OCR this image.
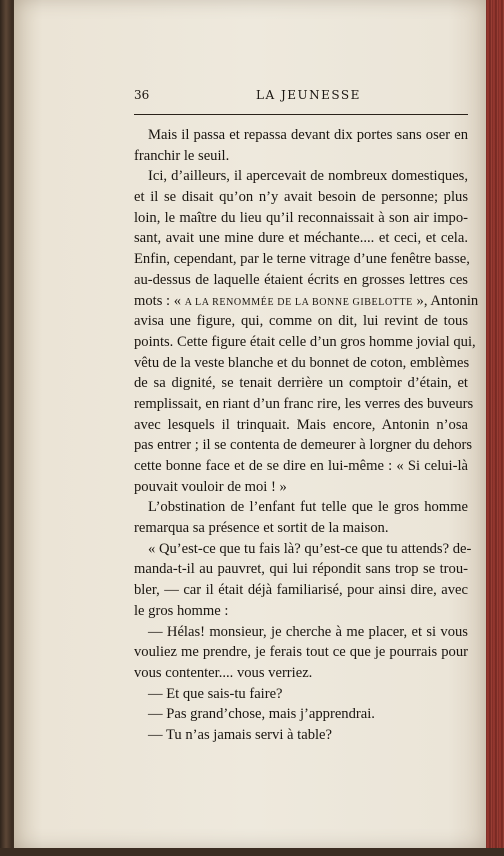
36	LA JEUNESSE
Mais il passa et repassa devant dix portes sans oser en
franchir le seuil.
Ici, d’ailleurs, il apercevait de nombreux domestiques,
et il se disait qu’on n’y avait besoin de personne; plus
loin, le maître du lieu qu’il reconnaissait à son air impo-
sant, avait une mine dure et méchante.... et ceci, et cela.
Enfin, cependant, par le terne vitrage d’une fenêtre basse,
au-dessus de laquelle étaient écrits en grosses lettres ces
mots : « A LA RENOMMÉE DE LA BONNE GIBELOTTE », Antonin
avisa une figure, qui, comme on dit, lui revint de tous
points. Cette figure était celle d’un gros homme jovial qui,
vêtu de la veste blanche et du bonnet de coton, emblèmes
de sa dignité, se tenait derrière un comptoir d’étain, et
remplissait, en riant d’un franc rire, les verres des buveurs
avec lesquels il trinquait. Mais encore, Antonin n’osa
pas entrer ; il se contenta de demeurer à lorgner du dehors
cette bonne face et de se dire en lui-même : « Si celui-là
pouvait vouloir de moi ! »
L’obstination de l’enfant fut telle que le gros homme
remarqua sa présence et sortit de la maison.
« Qu’est-ce que tu fais là? qu’est-ce que tu attends? de-
manda-t-il au pauvret, qui lui répondit sans trop se trou-
bler, — car il était déjà familiarisé, pour ainsi dire, avec
le gros homme :
— Hélas! monsieur, je cherche à me placer, et si vous
vouliez me prendre, je ferais tout ce que je pourrais pour
vous contenter.... vous verriez.
— Et que sais-tu faire?
— Pas grand’chose, mais j’apprendrai.
— Tu n’as jamais servi à table?
